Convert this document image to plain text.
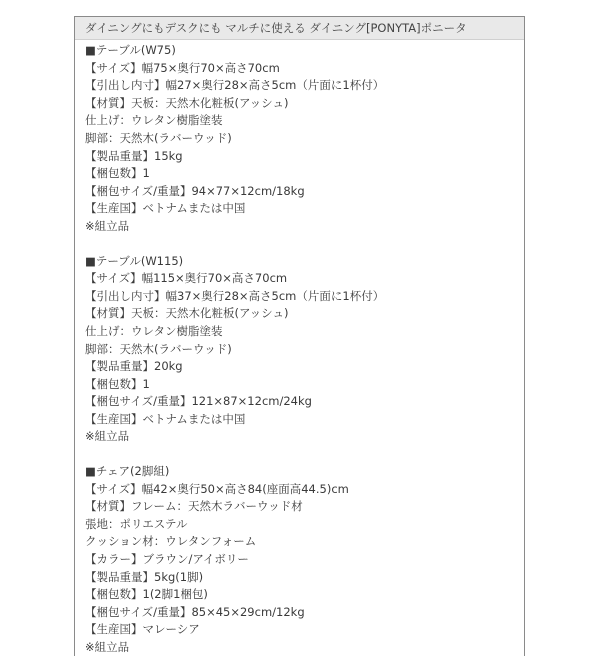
ダイニングにもデスクにも マルチに使える ダイニング[PONYTA]ポニータ
■テーブル(W75)
【サイズ】幅75×奥行70×高さ70cm
【引出し内寸】幅27×奥行28×高さ5cm（片面に1杯付）
【材質】天板：天然木化粧板(アッシュ)
仕上げ：ウレタン樹脂塗装
脚部：天然木(ラバーウッド)
【製品重量】15kg
【梱包数】1
【梱包サイズ/重量】94×77×12cm/18kg
【生産国】ベトナムまたは中国
※組立品
■テーブル(W115)
【サイズ】幅115×奥行70×高さ70cm
【引出し内寸】幅37×奥行28×高さ5cm（片面に1杯付）
【材質】天板：天然木化粧板(アッシュ)
仕上げ：ウレタン樹脂塗装
脚部：天然木(ラバーウッド)
【製品重量】20kg
【梱包数】1
【梱包サイズ/重量】121×87×12cm/24kg
【生産国】ベトナムまたは中国
※組立品
■チェア(2脚組)
【サイズ】幅42×奥行50×高さ84(座面高44.5)cm
【材質】フレーム：天然木ラバーウッド材
張地：ポリエステル
クッション材：ウレタンフォーム
【カラー】ブラウン/アイボリー
【製品重量】5kg(1脚)
【梱包数】1(2脚1梱包)
【梱包サイズ/重量】85×45×29cm/12kg
【生産国】マレーシア
※組立品
